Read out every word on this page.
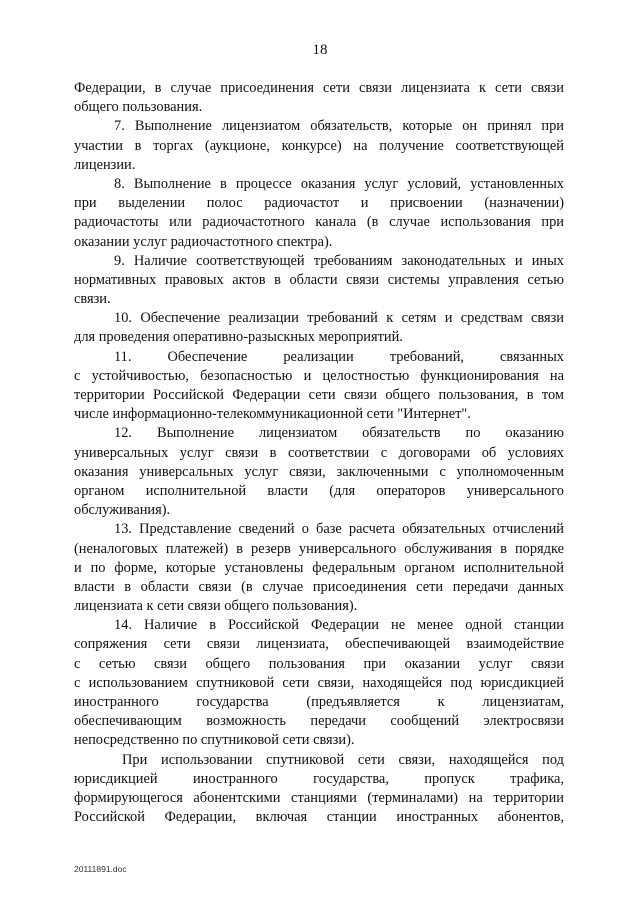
18
Федерации, в случае присоединения сети связи лицензиата к сети связи
общего пользования.
7. Выполнение лицензиатом обязательств, которые он принял при
участии в торгах (аукционе, конкурсе) на получение соответствующей
лицензии.
8. Выполнение в процессе оказания услуг условий, установленных
при выделении полос радиочастот и присвоении (назначении)
радиочастоты или радиочастотного канала (в случае использования при
оказании услуг радиочастотного спектра).
9. Наличие соответствующей требованиям законодательных и иных
нормативных правовых актов в области связи системы управления сетью
связи.
10. Обеспечение реализации требований к сетям и средствам связи
для проведения оперативно-разыскных мероприятий.
11. Обеспечение реализации требований, связанных
с устойчивостью, безопасностью и целостностью функционирования на
территории Российской Федерации сети связи общего пользования, в том
числе информационно-телекоммуникационной сети "Интернет".
12. Выполнение лицензиатом обязательств по оказанию
универсальных услуг связи в соответствии с договорами об условиях
оказания универсальных услуг связи, заключенными с уполномоченным
органом исполнительной власти (для операторов универсального
обслуживания).
13. Представление сведений о базе расчета обязательных отчислений
(неналоговых платежей) в резерв универсального обслуживания в порядке
и по форме, которые установлены федеральным органом исполнительной
власти в области связи (в случае присоединения сети передачи данных
лицензиата к сети связи общего пользования).
14. Наличие в Российской Федерации не менее одной станции
сопряжения сети связи лицензиата, обеспечивающей взаимодействие
с сетью связи общего пользования при оказании услуг связи
с использованием спутниковой сети связи, находящейся под юрисдикцией
иностранного государства (предъявляется к лицензиатам,
обеспечивающим возможность передачи сообщений электросвязи
непосредственно по спутниковой сети связи).
При использовании спутниковой сети связи, находящейся под
юрисдикцией иностранного государства, пропуск трафика,
формирующегося абонентскими станциями (терминалами) на территории
Российской Федерации, включая станции иностранных абонентов,
20111891.doc
